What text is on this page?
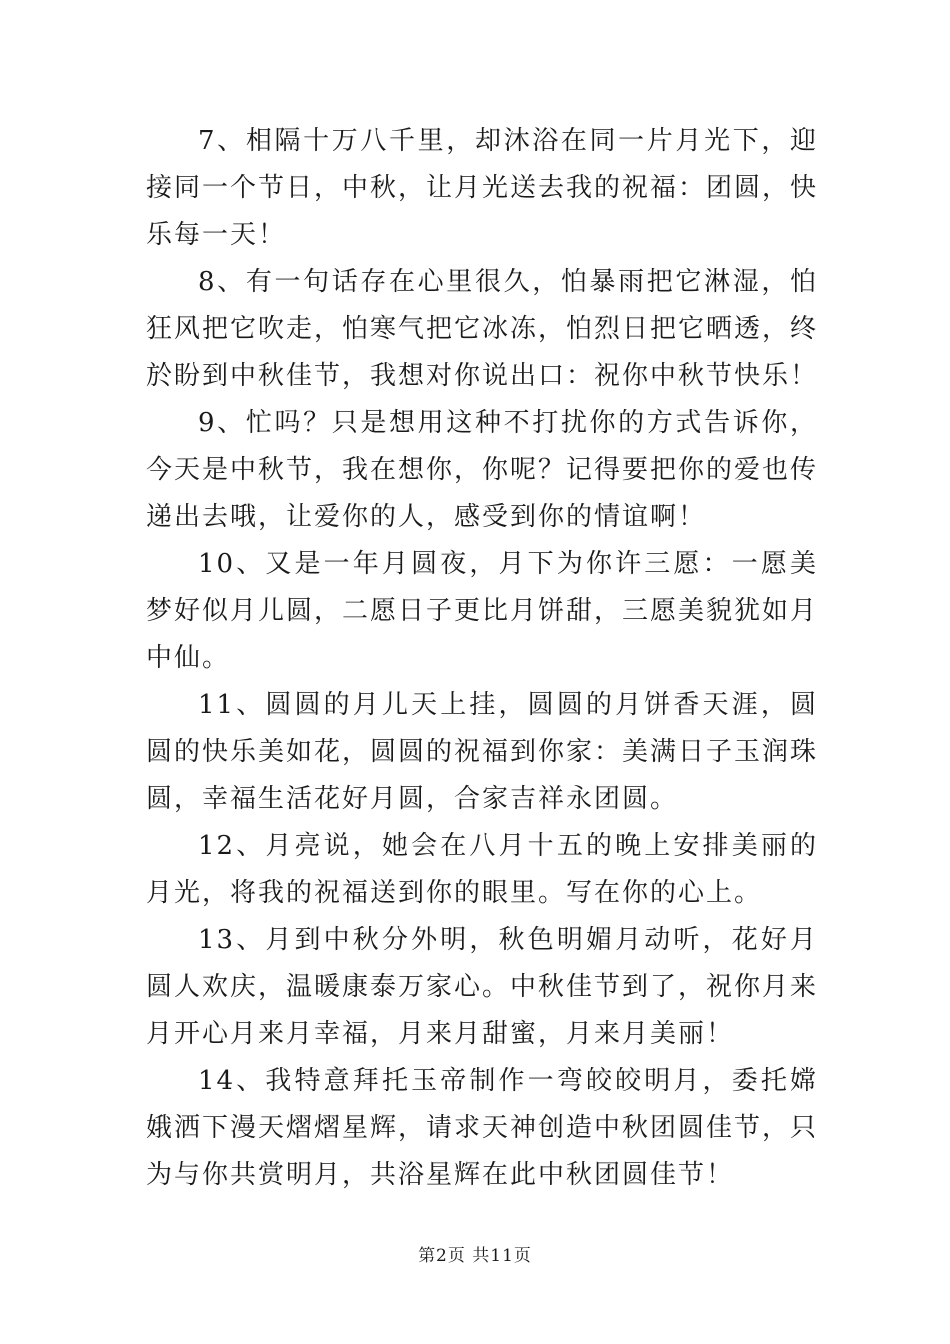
7、相隔十万八千里，却沐浴在同一片月光下，迎接同一个节日，中秋，让月光送去我的祝福：团圆，快乐每一天！

8、有一句话存在心里很久，怕暴雨把它淋湿，怕狂风把它吹走，怕寒气把它冰冻，怕烈日把它晒透，终於盼到中秋佳节，我想对你说出口：祝你中秋节快乐！

9、忙吗？只是想用这种不打扰你的方式告诉你，今天是中秋节，我在想你，你呢？记得要把你的爱也传递出去哦，让爱你的人，感受到你的情谊啊！

10、又是一年月圆夜，月下为你许三愿：一愿美梦好似月儿圆，二愿日子更比月饼甜，三愿美貌犹如月中仙。

11、圆圆的月儿天上挂，圆圆的月饼香天涯，圆圆的快乐美如花，圆圆的祝福到你家：美满日子玉润珠圆，幸福生活花好月圆，合家吉祥永团圆。

12、月亮说，她会在八月十五的晚上安排美丽的月光，将我的祝福送到你的眼里。写在你的心上。

13、月到中秋分外明，秋色明媚月动听，花好月圆人欢庆，温暖康泰万家心。中秋佳节到了，祝你月来月开心月来月幸福，月来月甜蜜，月来月美丽！

14、我特意拜托玉帝制作一弯皎皎明月，委托嫦娥洒下漫天熠熠星辉，请求天神创造中秋团圆佳节，只为与你共赏明月，共浴星辉在此中秋团圆佳节！

第2页 共11页
